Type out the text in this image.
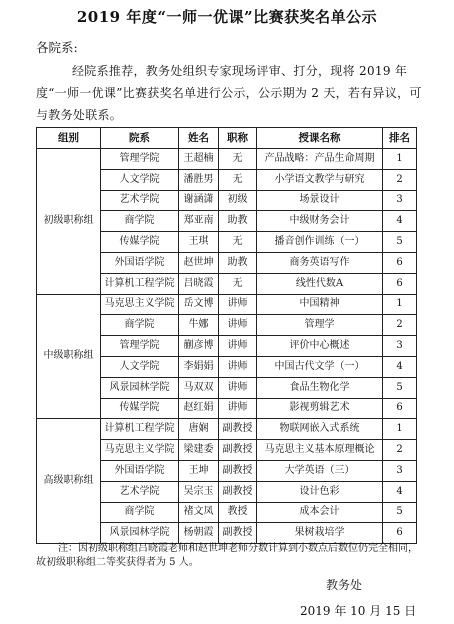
2019 年度“一师一优课”比赛获奖名单公示
各院系:
经院系推荐，教务处组织专家现场评审、打分，现将 2019 年度“一师一优课”比赛获奖名单进行公示，公示期为 2 天，若有异议，可与教务处联系。
组别	院系	姓名	职称	授课名称	排名
初级职称组	管理学院	王超楠	无	产品战略：产品生命周期	1
	人文学院	潘胜男	无	小学语文教学与研究	2
	艺术学院	谢涵潇	初级	场景设计	3
	商学院	郑亚南	助教	中级财务会计	4
	传媒学院	王琪	无	播音创作训练（一）	5
	外国语学院	赵世坤	助教	商务英语写作	6
	计算机工程学院	吕晓霞	无	线性代数A	6
中级职称组	马克思主义学院	岳文博	讲师	中国精神	1
	商学院	牛娜	讲师	管理学	2
	管理学院	蒯彦博	讲师	评价中心概述	3
	人文学院	李娟娟	讲师	中国古代文学（一）	4
	风景园林学院	马双双	讲师	食品生物化学	5
	传媒学院	赵红娟	讲师	影视剪辑艺术	6
高级职称组	计算机工程学院	唐娴	副教授	物联网嵌入式系统	1
	马克思主义学院	梁建委	副教授	马克思主义基本原理概论	2
	外国语学院	王坤	副教授	大学英语（三）	3
	艺术学院	吴宗玉	副教授	设计色彩	4
	商学院	褚文凤	教授	成本会计	5
	风景园林学院	杨朝霞	副教授	果树栽培学	6
注：因初级职称组吕晓霞老师和赵世坤老师分数计算到小数点后数位仍完全相同，故初级职称组二等奖获得者为 5 人。
教务处
2019 年 10 月 15 日
